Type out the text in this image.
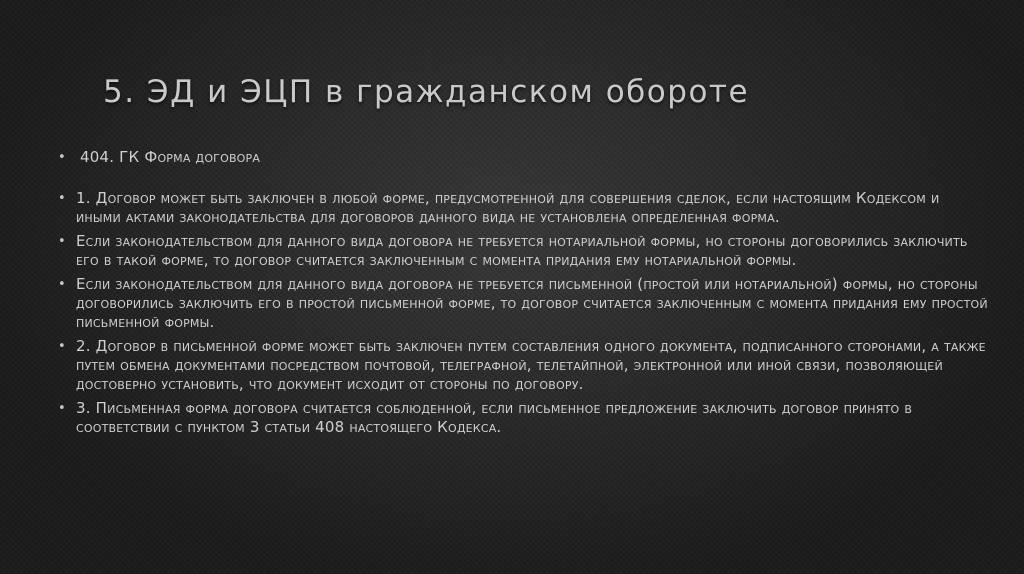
5. ЭД и ЭЦП в гражданском обороте
• 404. ГК Форма договора
• 1. Договор может быть заключен в любой форме, предусмотренной для совершения сделок, если настоящим Кодексом и иными актами законодательства для договоров данного вида не установлена определенная форма.
• Если законодательством для данного вида договора не требуется нотариальной формы, но стороны договорились заключить его в такой форме, то договор считается заключенным с момента придания ему нотариальной формы.
• Если законодательством для данного вида договора не требуется письменной (простой или нотариальной) формы, но стороны договорились заключить его в простой письменной форме, то договор считается заключенным с момента придания ему простой письменной формы.
• 2. Договор в письменной форме может быть заключен путем составления одного документа, подписанного сторонами, а также путем обмена документами посредством почтовой, телеграфной, телетайпной, электронной или иной связи, позволяющей достоверно установить, что документ исходит от стороны по договору.
• 3. Письменная форма договора считается соблюденной, если письменное предложение заключить договор принято в соответствии с пунктом 3 статьи 408 настоящего Кодекса.
